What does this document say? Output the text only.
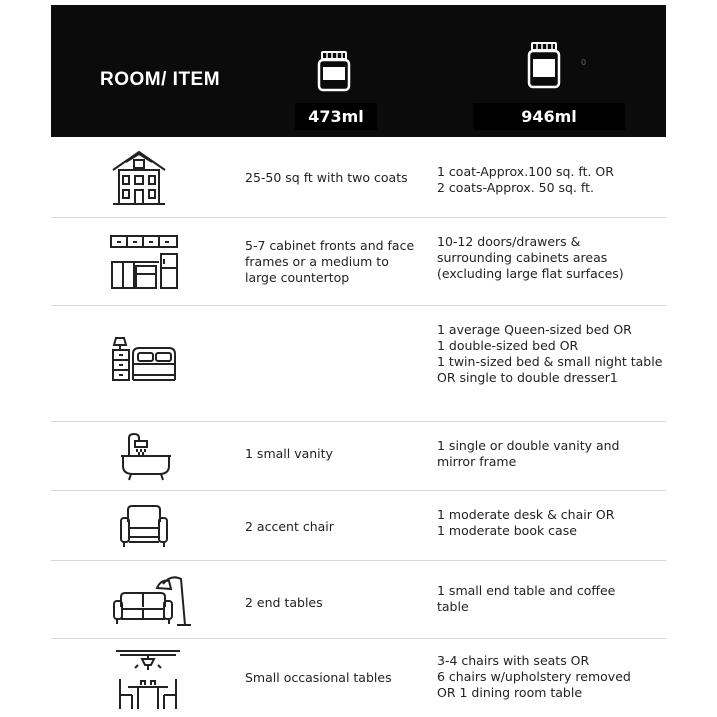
ROOM/ ITEM
0
473ml	946ml
25-50 sq ft with two coats 1 coat-Approx.100 sq. ft. OR
2 coats-Approx. 50 sq. ft.
5-7 cabinet fronts and face
frames or a medium to
large countertop
10-12 doors/drawers &
surrounding cabinets areas
(excluding large flat surfaces)
1 average Queen-sized bed OR
1 double-sized bed OR
1 twin-sized bed & small night table
OR single to double dresser1
1 small vanity
1 single or double vanity and
mirror frame
2 accent chair
1 moderate desk & chair OR
1 moderate book case
2 end tables
1 small end table and coffee
table
Small occasional tables
3-4 chairs with seats OR
6 chairs w/upholstery removed
OR 1 dining room table
